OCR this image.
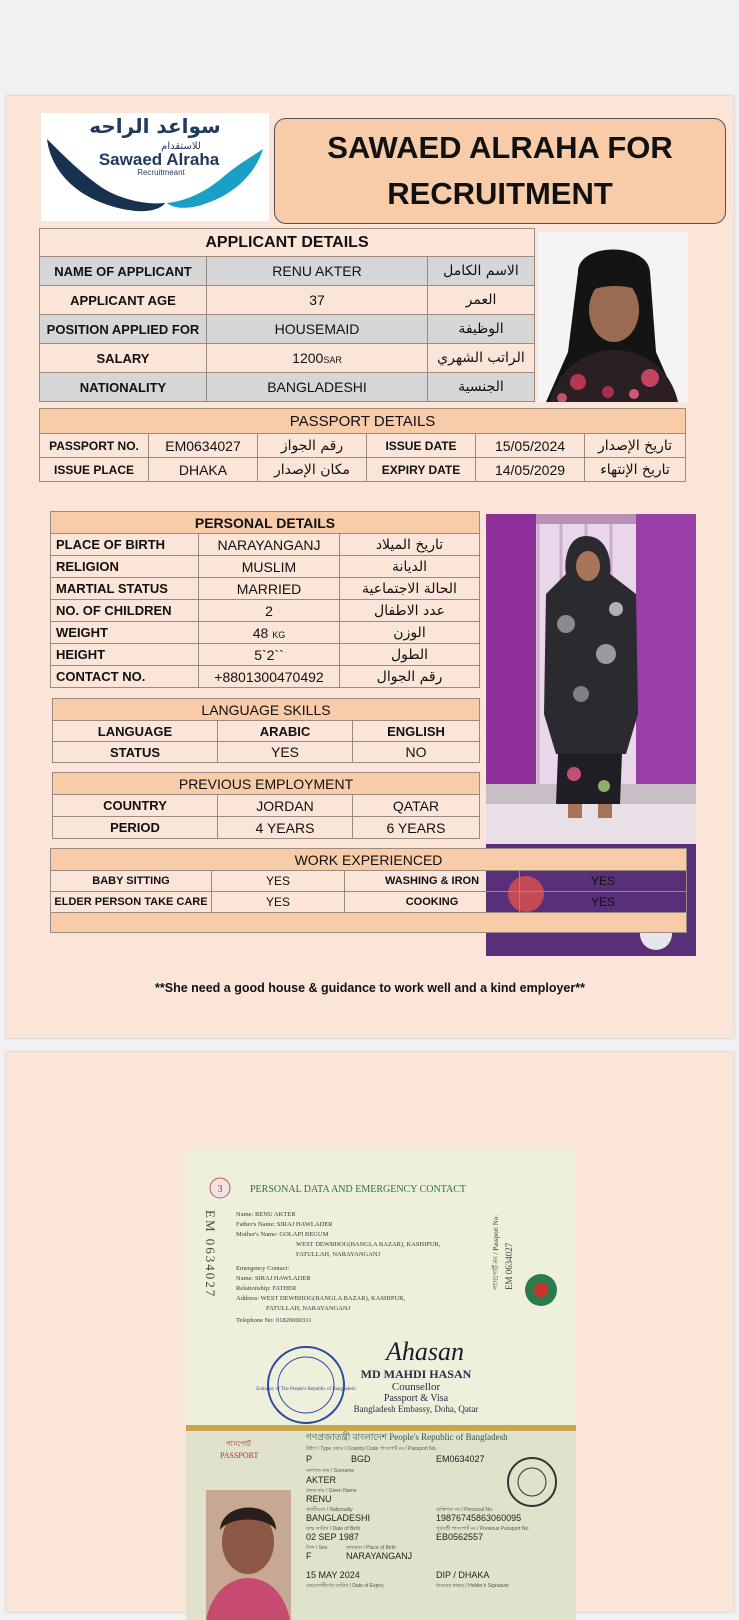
سواعد الراحه
للاستقدام
Sawaed Alraha
Recruitmeant
SAWAED ALRAHA FOR RECRUITMENT
APPLICANT DETAILS		
NAME OF APPLICANT	RENU AKTER	الاسم الكامل
APPLICANT AGE	37	العمر
POSITION APPLIED FOR	HOUSEMAID	الوظيفة
SALARY	1200SAR	الراتب الشهري
NATIONALITY	BANGLADESHI	الجنسية
PASSPORT DETAILS					
PASSPORT NO.	EM0634027	رقم الجواز	ISSUE DATE	15/05/2024	تاريخ الإصدار
ISSUE PLACE	DHAKA	مكان الإصدار	EXPIRY DATE	14/05/2029	تاريخ الإنتهاء
PERSONAL DETAILS		
PLACE OF BIRTH	NARAYANGANJ	تاريخ الميلاد
RELIGION	MUSLIM	الديانة
MARTIAL STATUS	MARRIED	الحالة الاجتماعية
NO. OF CHILDREN	2	عدد الاطفال
WEIGHT	48 KG	الوزن
HEIGHT	5`2``	الطول
CONTACT NO.	+8801300470492	رقم الجوال
LANGUAGE SKILLS		
LANGUAGE	ARABIC	ENGLISH
STATUS	YES	NO
PREVIOUS EMPLOYMENT		
COUNTRY	JORDAN	QATAR
PERIOD	4 YEARS	6 YEARS
WORK EXPERIENCED			
BABY SITTING	YES	WASHING & IRON	YES
ELDER PERSON TAKE CARE	YES	COOKING	YES

**She need a good house & guidance to work well and a kind employer**
3	PERSONAL DATA AND EMERGENCY CONTACT
EM 0634027	Name: RENU AKTER
Father's Name: SIRAJ HAWLADER
Mother's Name: GOLAPI BEGUM
WEST DEWBHOG(BANGLA BAZAR), KASHIPUR,
FATULLAH, NARAYANGANJ
Emergency Contact:
Name: SIRAJ HAWLADER
Relationship: FATHER
Address: WEST DEWBHOG(BANGLA BAZAR), KASHIPUR,
FATULLAH, NARAYANGANJ
Telephone No: 01820000311
পাসপোর্ট নং / Passport No. EM 0634027
Embassy of The People's Republic of Bangladesh
Ahasan
MD MAHDI HASAN
Counsellor
Passport & Visa
Bangladesh Embassy, Doha, Qatar
পাসপোর্ট
PASSPORT
গণপ্রজাতন্ত্রী বাংলাদেশ People's Republic of Bangladesh
টাইপ / Type কোড / Country Code পাসপোর্ট নং / Passport No.
P	BGD	EM0634027
বংশগত নাম / Surname
AKTER
প্রদত্ত নাম / Given Name
RENU
জাতীয়তা / Nationality
BANGLADESHI
ব্যক্তিগত নং / Personal No.
19876745863060095
জন্ম তারিখ / Date of Birth
02 SEP 1987
পূর্ববর্তী পাসপোর্ট নং / Previous Passport No.
EB0562557
লিঙ্গ / Sex	জন্মস্থান / Place of Birth
F	NARAYANGANJ
15 MAY 2024	DIP / DHAKA
মেয়াদোত্তীর্ণের তারিখ / Date of Expiry	ধারকের স্বাক্ষর / Holder's Signature
